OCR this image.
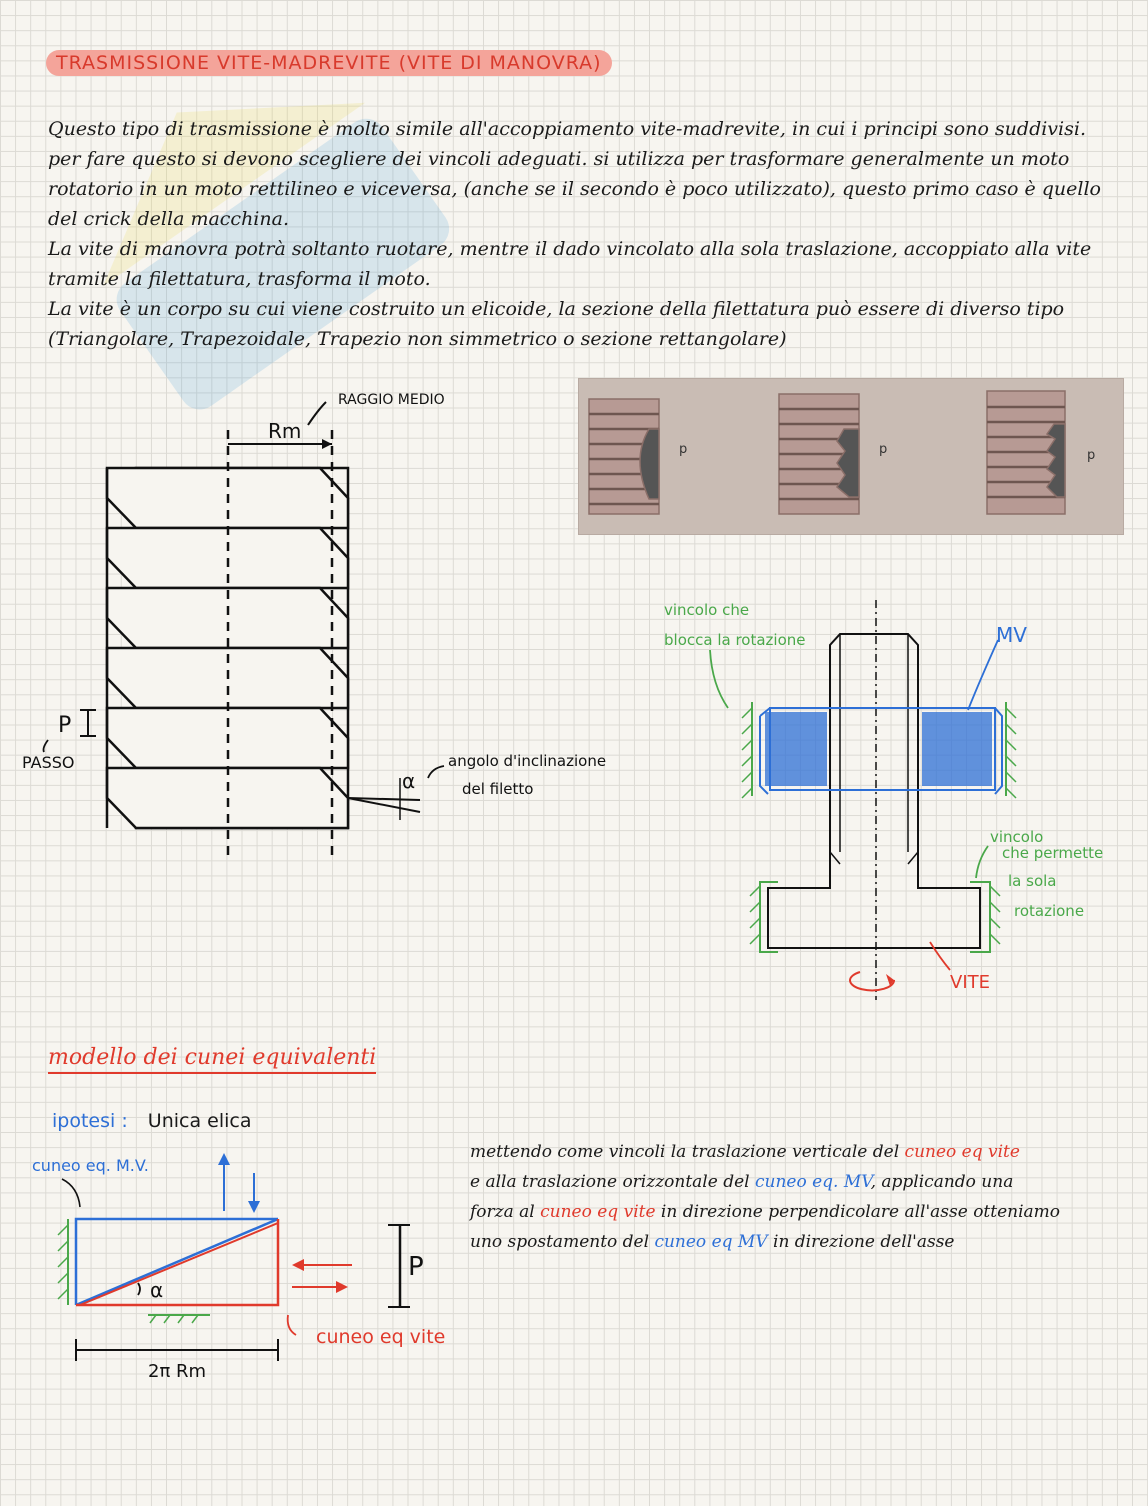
TRASMISSIONE VITE-MADREVITE (VITE DI MANOVRA)

Questo tipo di trasmissione è molto simile all'accoppiamento vite-madrevite, in cui i principi sono suddivisi. per fare questo si devono scegliere dei vincoli adeguati. si utilizza per trasformare generalmente un moto rotatorio in un moto rettilineo e viceversa, (anche se il secondo è poco utilizzato), questo primo caso è quello del crick della macchina.

La vite di manovra potrà soltanto ruotare, mentre il dado vincolato alla sola traslazione, accoppiato alla vite tramite la filettatura, trasforma il moto.

La vite è un corpo su cui viene costruito un elicoide, la sezione della filettatura può essere di diverso tipo (Triangolare, Trapezoidale, Trapezio non simmetrico o sezione rettangolare)

Rm
RAGGIO MEDIO
P
PASSO
α
angolo d'inclinazione
del filetto
p	p	p
vincolo che
blocca la rotazione	MV
vincolo
che permette
la sola
rotazione
VITE
modello dei cunei equivalenti
ipotesi : Unica elica
α
P
2π Rm
cuneo eq. M.V.
cuneo eq vite

mettendo come vincoli la traslazione verticale del cuneo eq vite

e alla traslazione orizzontale del cuneo eq. MV, applicando una

forza al cuneo eq vite in direzione perpendicolare all'asse otteniamo

uno spostamento del cuneo eq MV in direzione dell'asse
